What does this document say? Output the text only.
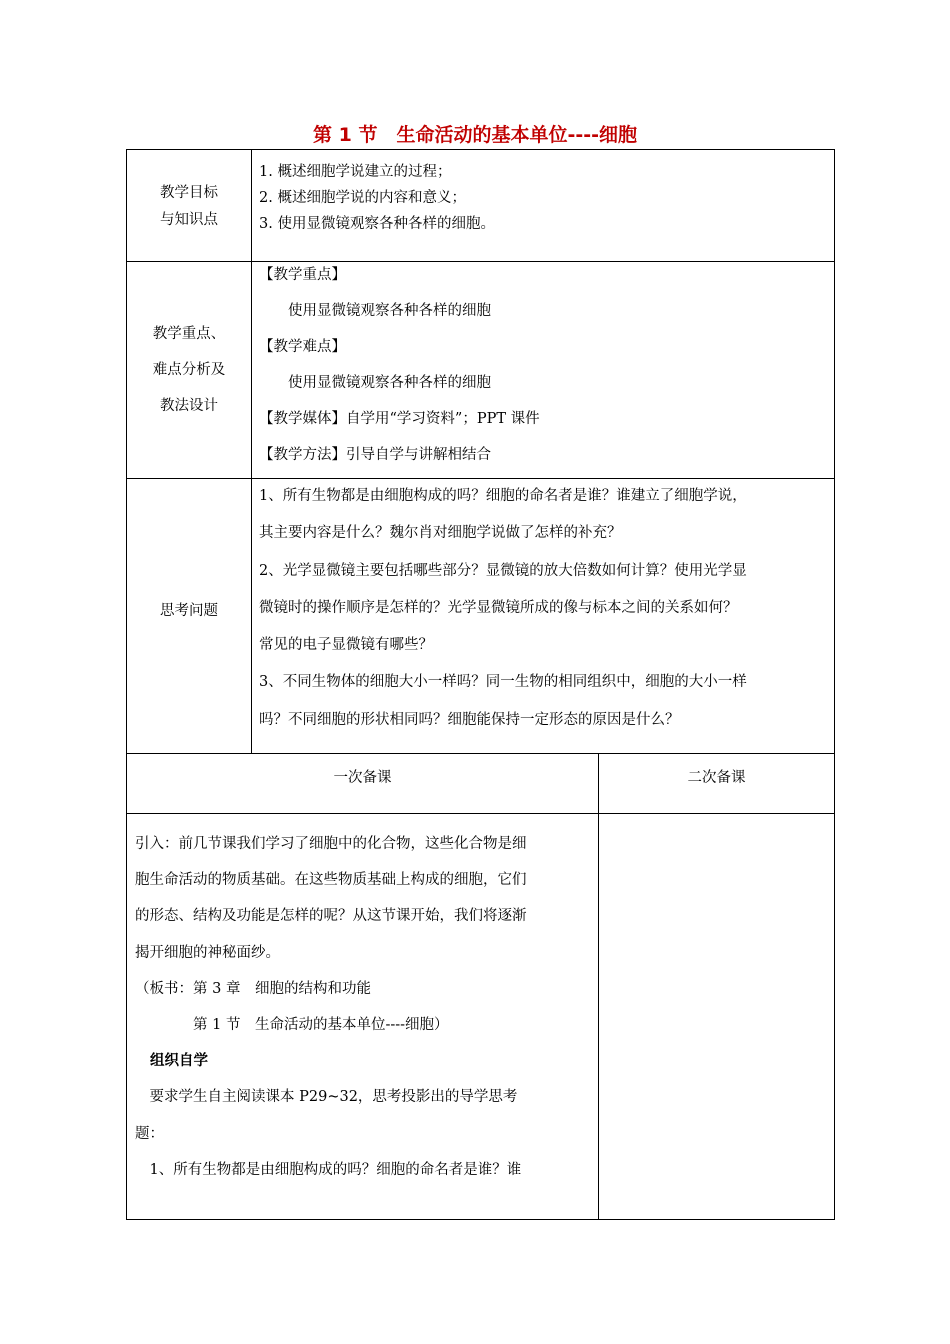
第 1 节　生命活动的基本单位----细胞

教学目标

与知识点

1. 概述细胞学说建立的过程；

2. 概述细胞学说的内容和意义；

3. 使用显微镜观察各种各样的细胞。

教学重点、

难点分析及

教法设计

【教学重点】

　　使用显微镜观察各种各样的细胞

【教学难点】

　　使用显微镜观察各种各样的细胞

【教学媒体】自学用“学习资料”；PPT 课件

【教学方法】引导自学与讲解相结合

思考问题

1、所有生物都是由细胞构成的吗？细胞的命名者是谁？谁建立了细胞学说，

其主要内容是什么？魏尔肖对细胞学说做了怎样的补充？

2、光学显微镜主要包括哪些部分？显微镜的放大倍数如何计算？使用光学显

微镜时的操作顺序是怎样的？光学显微镜所成的像与标本之间的关系如何？

常见的电子显微镜有哪些？

3、不同生物体的细胞大小一样吗？同一生物的相同组织中，细胞的大小一样

吗？不同细胞的形状相同吗？细胞能保持一定形态的原因是什么？

一次备课	二次备课

引入：前几节课我们学习了细胞中的化合物，这些化合物是细

胞生命活动的物质基础。在这些物质基础上构成的细胞，它们

的形态、结构及功能是怎样的呢？从这节课开始，我们将逐渐

揭开细胞的神秘面纱。

（板书：第 3 章　细胞的结构和功能

　　　　第 1 节　生命活动的基本单位----细胞）

组织自学

　要求学生自主阅读课本 P29~32，思考投影出的导学思考

题：

　1、所有生物都是由细胞构成的吗？细胞的命名者是谁？谁
